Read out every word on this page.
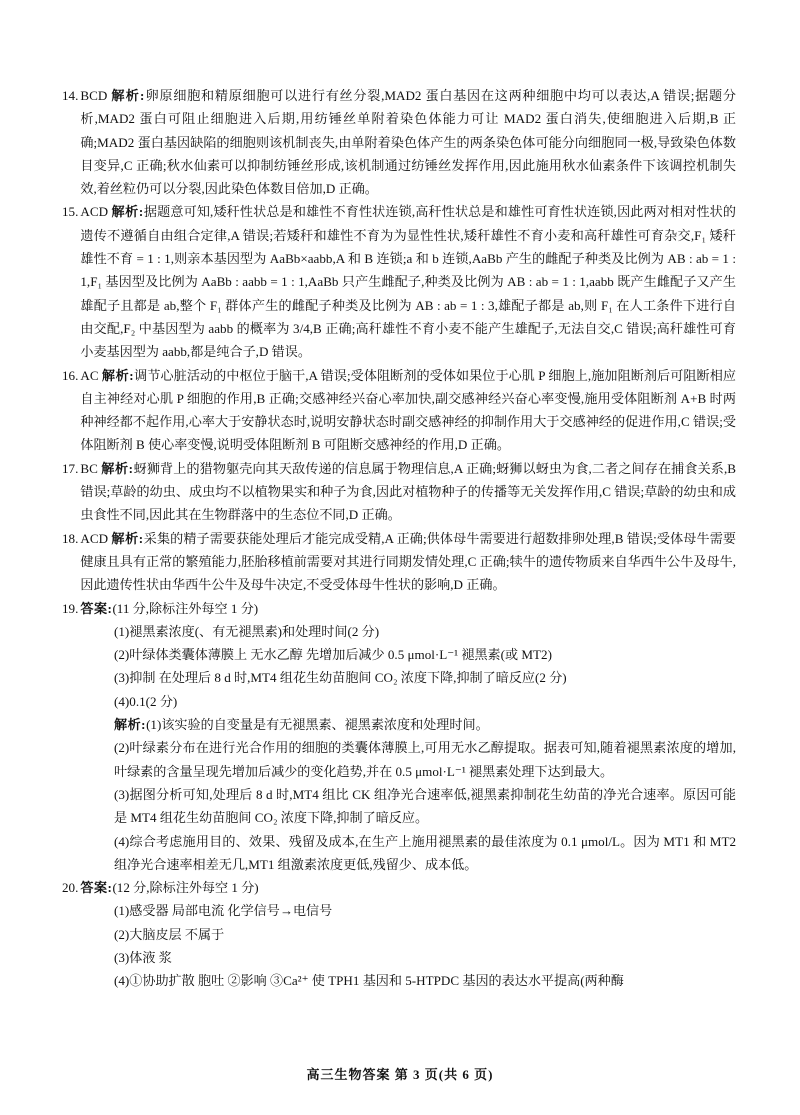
14. BCD 解析:卵原细胞和精原细胞可以进行有丝分裂,MAD2 蛋白基因在这两种细胞中均可以表达,A 错误;据题分析,MAD2 蛋白可阻止细胞进入后期,用纺锤丝单附着染色体能力可让 MAD2 蛋白消失,使细胞进入后期,B 正确;MAD2 蛋白基因缺陷的细胞则该机制丧失,由单附着染色体产生的两条染色体可能分向细胞同一极,导致染色体数目变异,C 正确;秋水仙素可以抑制纺锤丝形成,该机制通过纺锤丝发挥作用,因此施用秋水仙素条件下该调控机制失效,着丝粒仍可以分裂,因此染色体数目倍加,D 正确。
15. ACD 解析:据题意可知,矮秆性状总是和雄性不育性状连锁,高秆性状总是和雄性可育性状连锁,因此两对相对性状的遗传不遵循自由组合定律,A 错误;若矮秆和雄性不育为为显性性状,矮秆雄性不育小麦和高秆雄性可育杂交,F₁ 矮秆雄性不育 = 1 : 1,则亲本基因型为 AaBb×aabb,A 和 B 连锁;a 和 b 连锁,AaBb 产生的雌配子种类及比例为 AB : ab = 1 : 1,F₁ 基因型及比例为 AaBb : aabb = 1 : 1,AaBb 只产生雌配子,种类及比例为 AB : ab = 1 : 1,aabb 既产生雌配子又产生雄配子且都是 ab,整个 F₁ 群体产生的雌配子种类及比例为 AB : ab = 1 : 3,雄配子都是 ab,则 F₁ 在人工条件下进行自由交配,F₂ 中基因型为 aabb 的概率为 3/4,B 正确;高秆雄性不育小麦不能产生雄配子,无法自交,C 错误;高秆雄性可育小麦基因型为 aabb,都是纯合子,D 错误。
16. AC 解析:调节心脏活动的中枢位于脑干,A 错误;受体阻断剂的受体如果位于心肌 P 细胞上,施加阻断剂后可阻断相应自主神经对心肌 P 细胞的作用,B 正确;交感神经兴奋心率加快,副交感神经兴奋心率变慢,施用受体阻断剂 A+B 时两种神经都不起作用,心率大于安静状态时,说明安静状态时副交感神经的抑制作用大于交感神经的促进作用,C 错误;受体阻断剂 B 使心率变慢,说明受体阻断剂 B 可阻断交感神经的作用,D 正确。
17. BC 解析:蚜狮背上的猎物躯壳向其天敌传递的信息属于物理信息,A 正确;蚜狮以蚜虫为食,二者之间存在捕食关系,B 错误;草龄的幼虫、成虫均不以植物果实和种子为食,因此对植物种子的传播等无关发挥作用,C 错误;草龄的幼虫和成虫食性不同,因此其在生物群落中的生态位不同,D 正确。
18. ACD 解析:采集的精子需要获能处理后才能完成受精,A 正确;供体母牛需要进行超数排卵处理,B 错误;受体母牛需要健康且具有正常的繁殖能力,胚胎移植前需要对其进行同期发情处理,C 正确;犊牛的遗传物质来自华西牛公牛及母牛,因此遗传性状由华西牛公牛及母牛决定,不受受体母牛性状的影响,D 正确。
19. 答案:(11 分,除标注外每空 1 分)
(1)褪黑素浓度(、有无褪黑素)和处理时间(2 分)
(2)叶绿体类囊体薄膜上 无水乙醇 先增加后减少 0.5 μmol·L⁻¹ 褪黑素(或 MT2)
(3)抑制 在处理后 8 d 时,MT4 组花生幼苗胞间 CO₂ 浓度下降,抑制了暗反应(2 分)
(4)0.1(2 分)
解析:(1)该实验的自变量是有无褪黑素、褪黑素浓度和处理时间。
(2)叶绿素分布在进行光合作用的细胞的类囊体薄膜上,可用无水乙醇提取。据表可知,随着褪黑素浓度的增加,叶绿素的含量呈现先增加后减少的变化趋势,并在 0.5 μmol·L⁻¹ 褪黑素处理下达到最大。
(3)据图分析可知,处理后 8 d 时,MT4 组比 CK 组净光合速率低,褪黑素抑制花生幼苗的净光合速率。原因可能是 MT4 组花生幼苗胞间 CO₂ 浓度下降,抑制了暗反应。
(4)综合考虑施用目的、效果、残留及成本,在生产上施用褪黑素的最佳浓度为 0.1 μmol/L。因为 MT1 和 MT2 组净光合速率相差无几,MT1 组激素浓度更低,残留少、成本低。
20. 答案:(12 分,除标注外每空 1 分)
(1)感受器 局部电流 化学信号→电信号
(2)大脑皮层 不属于
(3)体液 浆
(4)①协助扩散 胞吐 ②影响 ③Ca²⁺ 使 TPH1 基因和 5‑HTPDC 基因的表达水平提高(两种酶
高三生物答案 第 3 页(共 6 页)
